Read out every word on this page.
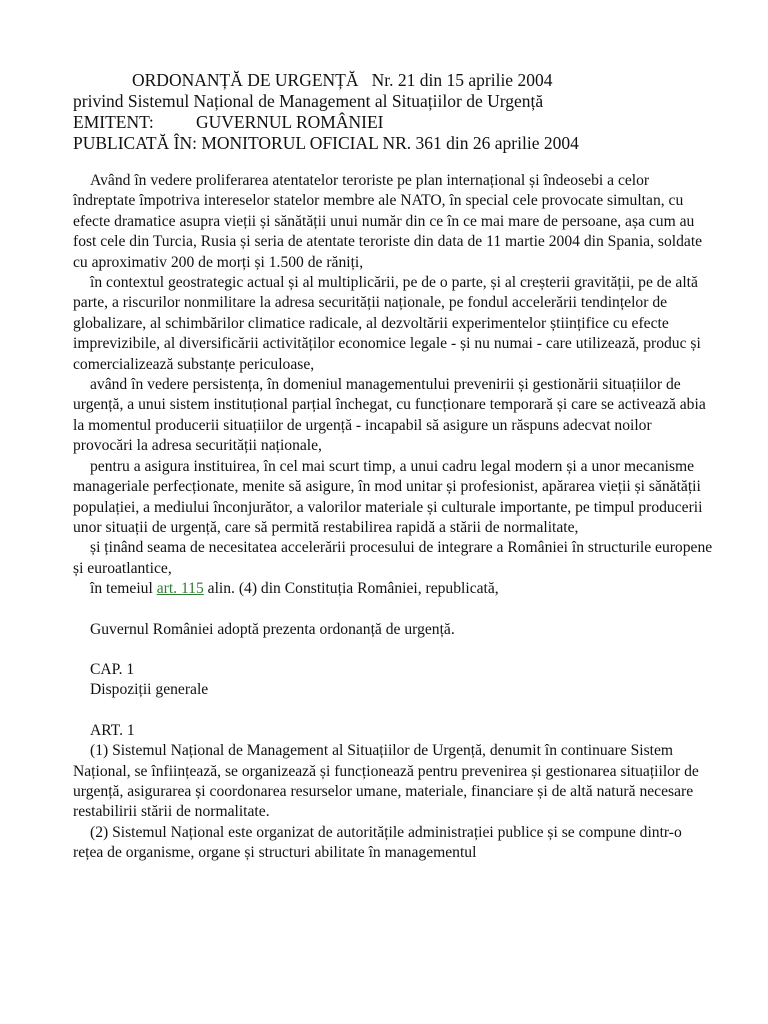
ORDONANȚĂ DE URGENȚĂ Nr. 21 din 15 aprilie 2004
privind Sistemul Național de Management al Situațiilor de Urgență
EMITENT: GUVERNUL ROMÂNIEI
PUBLICATĂ ÎN: MONITORUL OFICIAL NR. 361 din 26 aprilie 2004

Având în vedere proliferarea atentatelor teroriste pe plan internațional și îndeosebi a celor îndreptate împotriva intereselor statelor membre ale NATO, în special cele provocate simultan, cu efecte dramatice asupra vieții și sănătății unui număr din ce în ce mai mare de persoane, așa cum au fost cele din Turcia, Rusia și seria de atentate teroriste din data de 11 martie 2004 din Spania, soldate cu aproximativ 200 de morți și 1.500 de răniți,

în contextul geostrategic actual și al multiplicării, pe de o parte, și al creșterii gravității, pe de altă parte, a riscurilor nonmilitare la adresa securității naționale, pe fondul accelerării tendințelor de globalizare, al schimbărilor climatice radicale, al dezvoltării experimentelor științifice cu efecte imprevizibile, al diversificării activităților economice legale - și nu numai - care utilizează, produc și comercializează substanțe periculoase,

având în vedere persistența, în domeniul managementului prevenirii și gestionării situațiilor de urgență, a unui sistem instituțional parțial închegat, cu funcționare temporară și care se activează abia la momentul producerii situațiilor de urgență - incapabil să asigure un răspuns adecvat noilor provocări la adresa securității naționale,

pentru a asigura instituirea, în cel mai scurt timp, a unui cadru legal modern și a unor mecanisme manageriale perfecționate, menite să asigure, în mod unitar și profesionist, apărarea vieții și sănătății populației, a mediului înconjurător, a valorilor materiale și culturale importante, pe timpul producerii unor situații de urgență, care să permită restabilirea rapidă a stării de normalitate,

și ținând seama de necesitatea accelerării procesului de integrare a României în structurile europene și euroatlantice,

în temeiul art. 115 alin. (4) din Constituția României, republicată,

Guvernul României adoptă prezenta ordonanță de urgență.

CAP. 1

Dispoziții generale

ART. 1

(1) Sistemul Național de Management al Situațiilor de Urgență, denumit în continuare Sistem Național, se înființează, se organizează și funcționează pentru prevenirea și gestionarea situațiilor de urgență, asigurarea și coordonarea resurselor umane, materiale, financiare și de altă natură necesare restabilirii stării de normalitate.

(2) Sistemul Național este organizat de autoritățile administrației publice și se compune dintr-o rețea de organisme, organe și structuri abilitate în managementul
